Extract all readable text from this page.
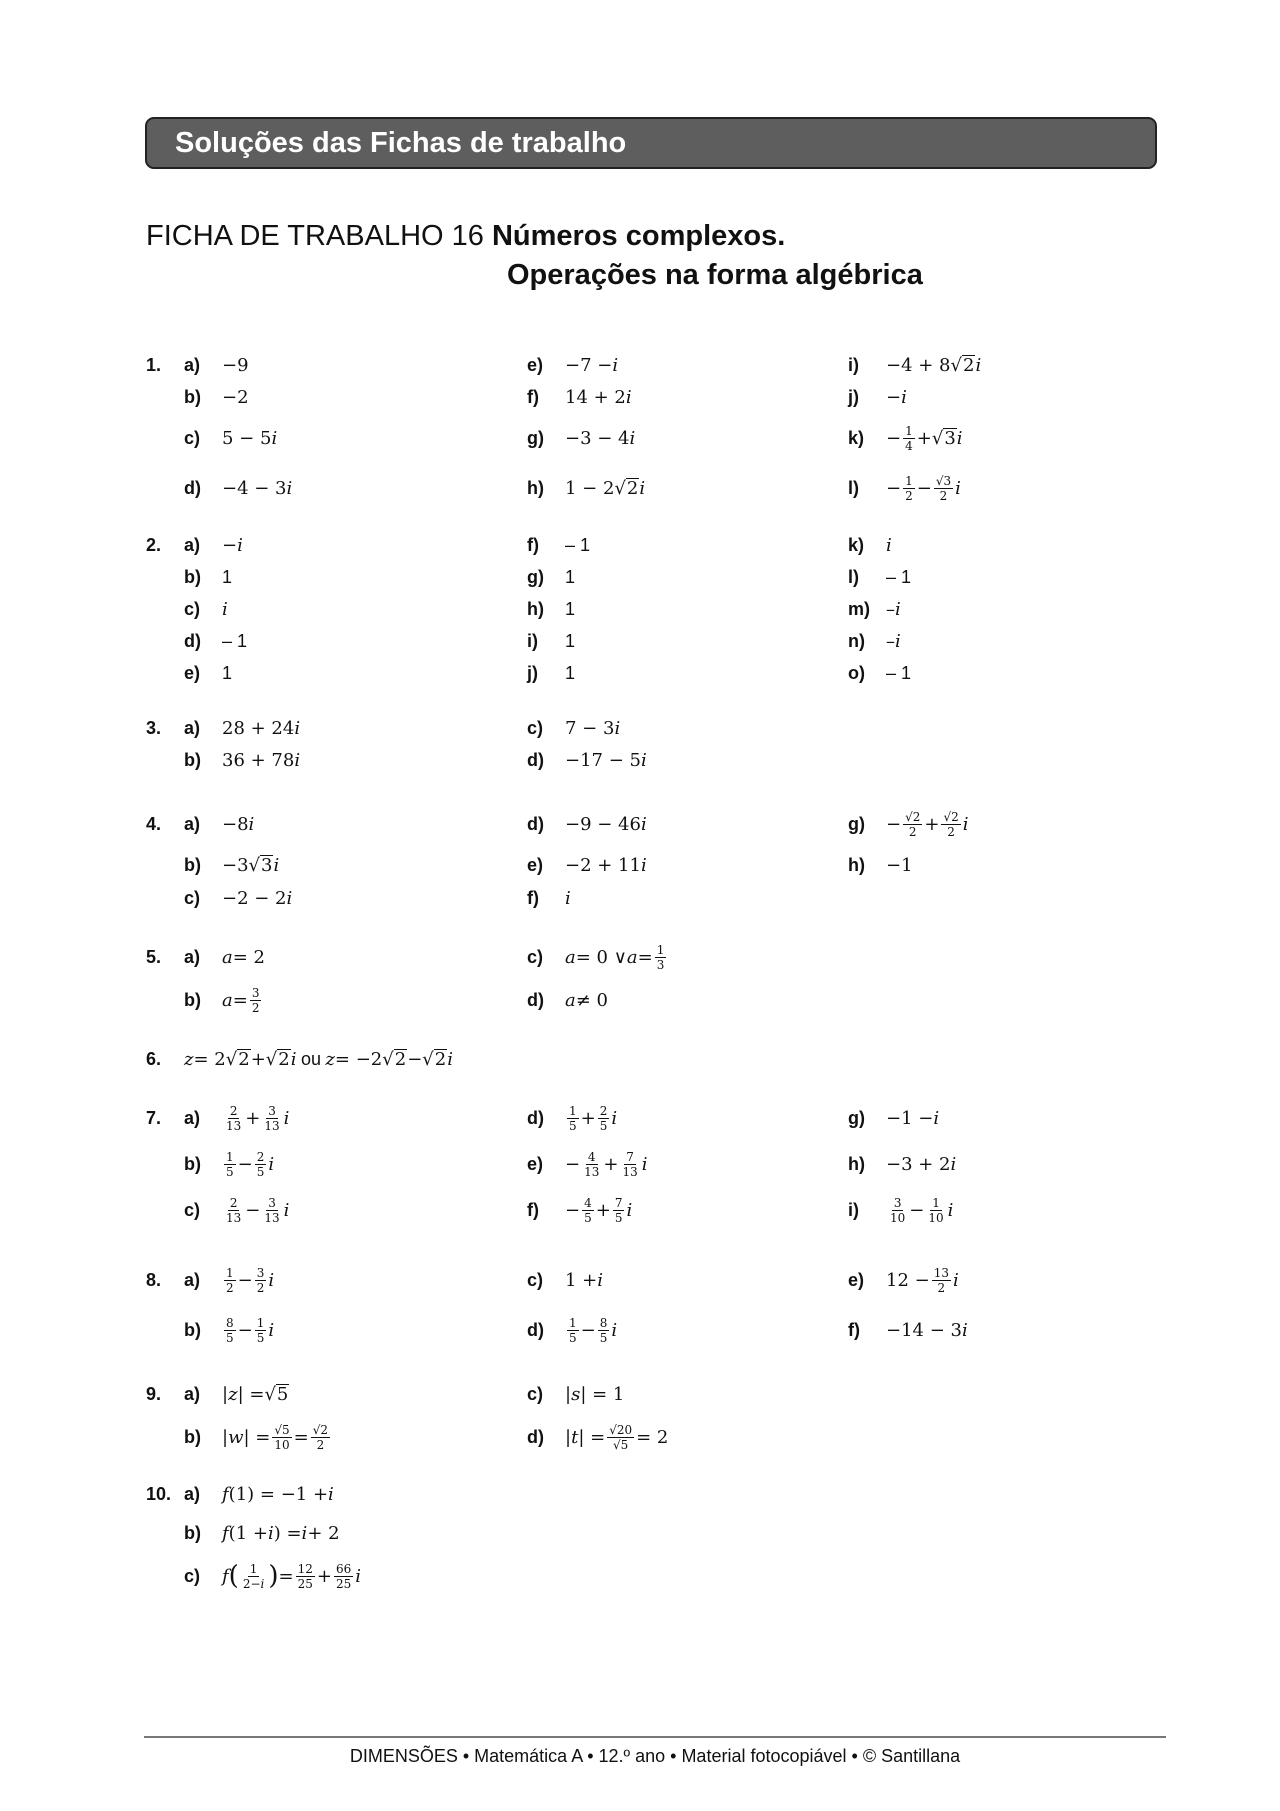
Soluções das Fichas de trabalho
FICHA DE TRABALHO 16 Números complexos.
Operações na forma algébrica
1. a)	−9
b)	−2
c)	5 − 5 i
d)	−4 − 3 i
e)	−7 − i
f)	14 + 2 i
g)	−3 − 4 i
h)	1 − 2 √ 2 i
i)	−4 + 8 √ 2 i
j)	− i
k)	− $\frac{1}{4}$ + √ 3 i
l)	− $\frac{1}{2} - \frac{√3}{2}$ i
2. a)	− i
b)	1
c)	i
d)	– 1
e)	1
f)	– 1
g)	1
h)	1
i)	1
j)	1
k)	i
l)	– 1
m) – i
n)	– i
o)	– 1
3. a)	28 + 24 i
b)	36 + 78 i
c)	7 − 3 i
d)	−17 − 5 i
4. a)	−8 i
b)	−3 √ 3 i
c)	−2 − 2 i
d)	−9 − 46 i
e)	−2 + 11 i
f)	i
g)	− $\frac{√2}{2} + \frac{√2}{2}$ i
h)	−1
5. a)	a = 2
b)	$a = \frac{3}{2}$
c)	a = 0 ∨ $a = \frac{1}{3}$
d)	a ≠ 0
6. z = 2 √ 2 + √ 2 i
ou
z = −2 √ 2 − √ 2 i
7. a)	$\frac{2}{13} + \frac{3}{13}$ i
b)	$\frac{1}{5} - \frac{2}{5}$ i
c)	$\frac{2}{13} - \frac{3}{13}$ i
d)	$\frac{1}{5} + \frac{2}{5}$ i
e)	− $\frac{4}{13} + \frac{7}{13}$ i
f)	− $\frac{4}{5} + \frac{7}{5}$ i
g)	−1 − i
h)	−3 + 2 i
i)	$\frac{3}{10} - \frac{1}{10}$ i
8. a)	$\frac{1}{2} - \frac{3}{2}$ i
b)	$\frac{8}{5} - \frac{1}{5}$ i
c)	1 + i
d)	$\frac{1}{5} - \frac{8}{5}$ i
e)	$12 - \frac{13}{2}$ i
f)	−14 − 3 i
9. a)	| z | = √ 5
b)	| w | = $\frac{√5}{10} = \frac{√2}{2}$
c)	| s | = 1
d)	| t | = $\frac{√20}{√5} = 2$
10. a)	f (1) = −1 + i
b)	f (1 + i ) = i + 2
c)	f ( $\frac{1}{2-i}$ ) = $\frac{12}{25} + \frac{66}{25}$ i
DIMENSÕES • Matemática A • 12.º ano • Material fotocopiável • © Santillana
